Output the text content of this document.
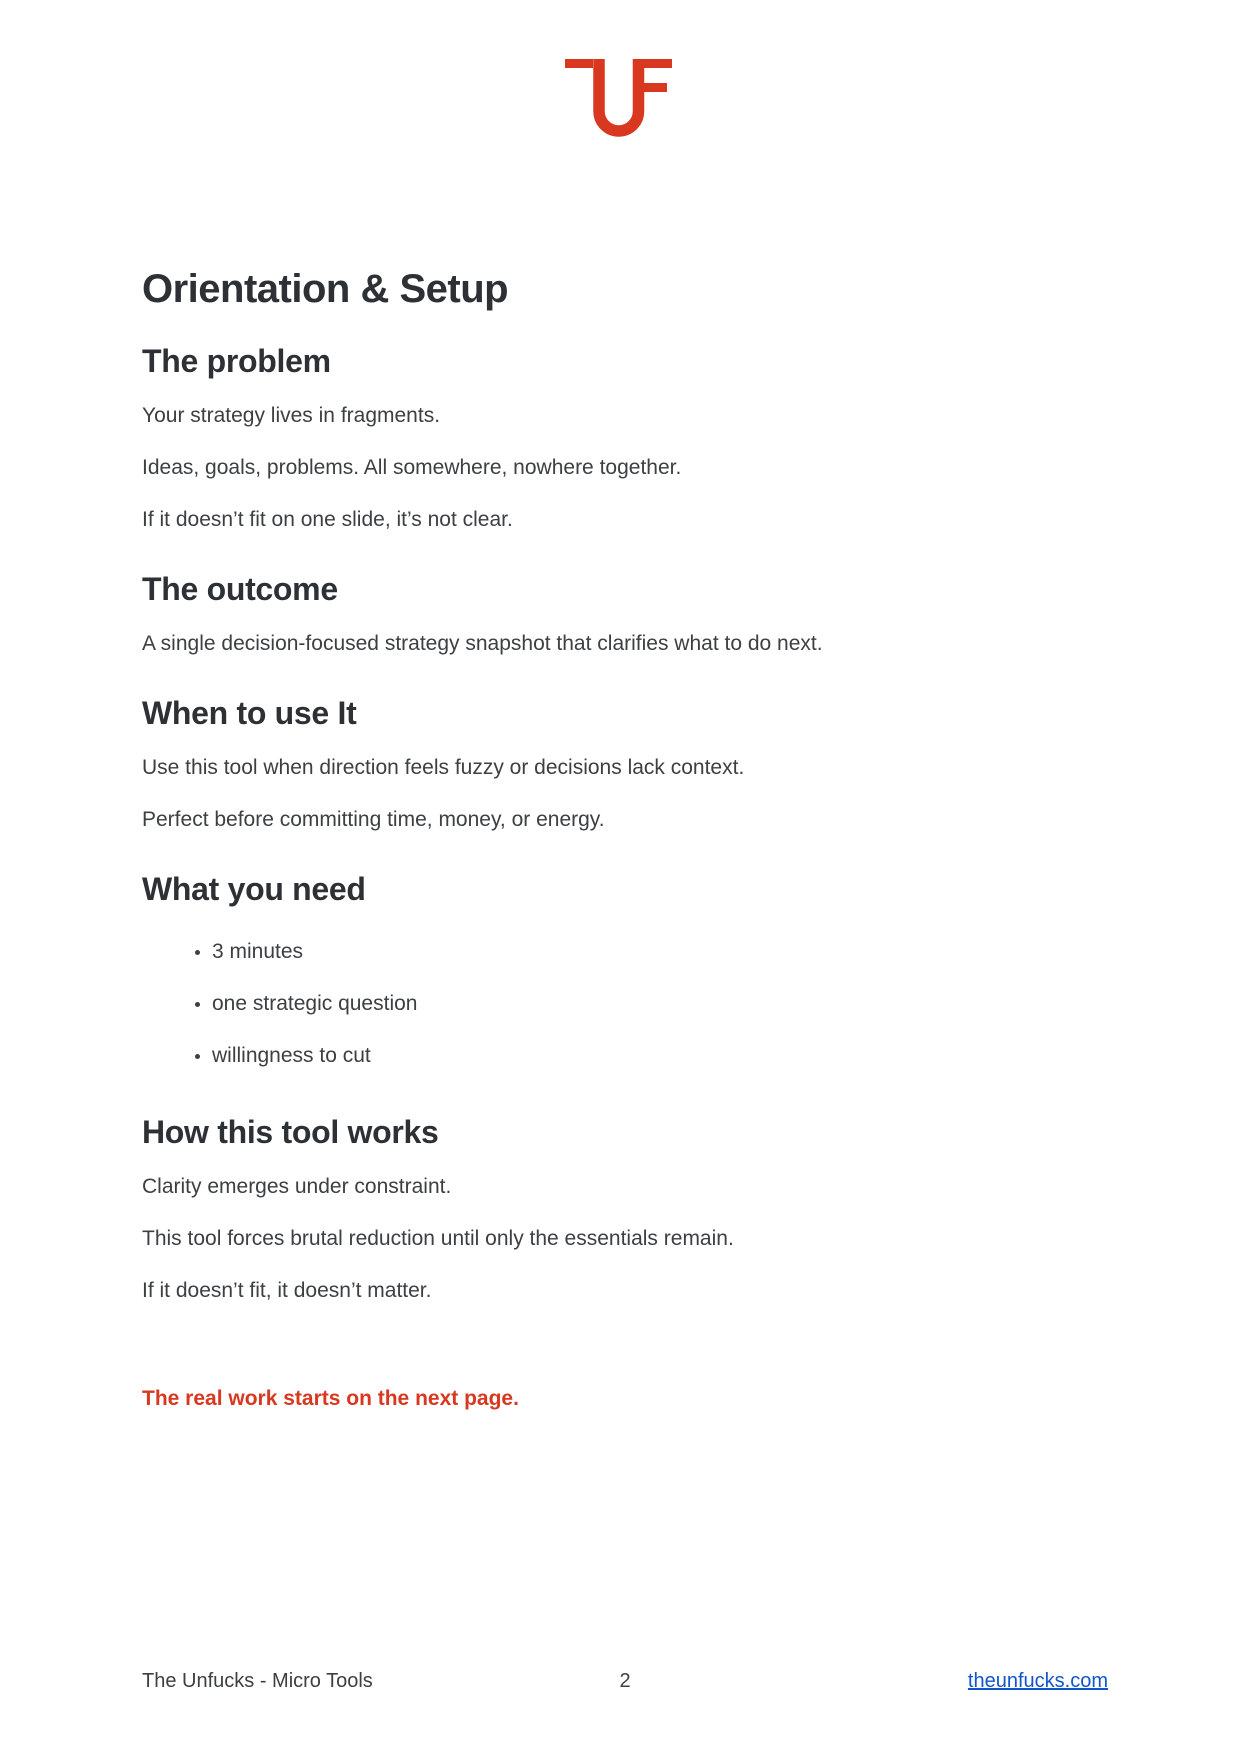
Orientation & Setup
The problem

Your strategy lives in fragments.

Ideas, goals, problems. All somewhere, nowhere together.

If it doesn’t fit on one slide, it’s not clear.

The outcome

A single decision-focused strategy snapshot that clarifies what to do next.

When to use It

Use this tool when direction feels fuzzy or decisions lack context.

Perfect before committing time, money, or energy.

What you need
• 3 minutes
• one strategic question
• willingness to cut
How this tool works

Clarity emerges under constraint.

This tool forces brutal reduction until only the essentials remain.

If it doesn’t fit, it doesn’t matter.

The real work starts on the next page.

The Unfucks - Micro Tools	2	theunfucks.com
